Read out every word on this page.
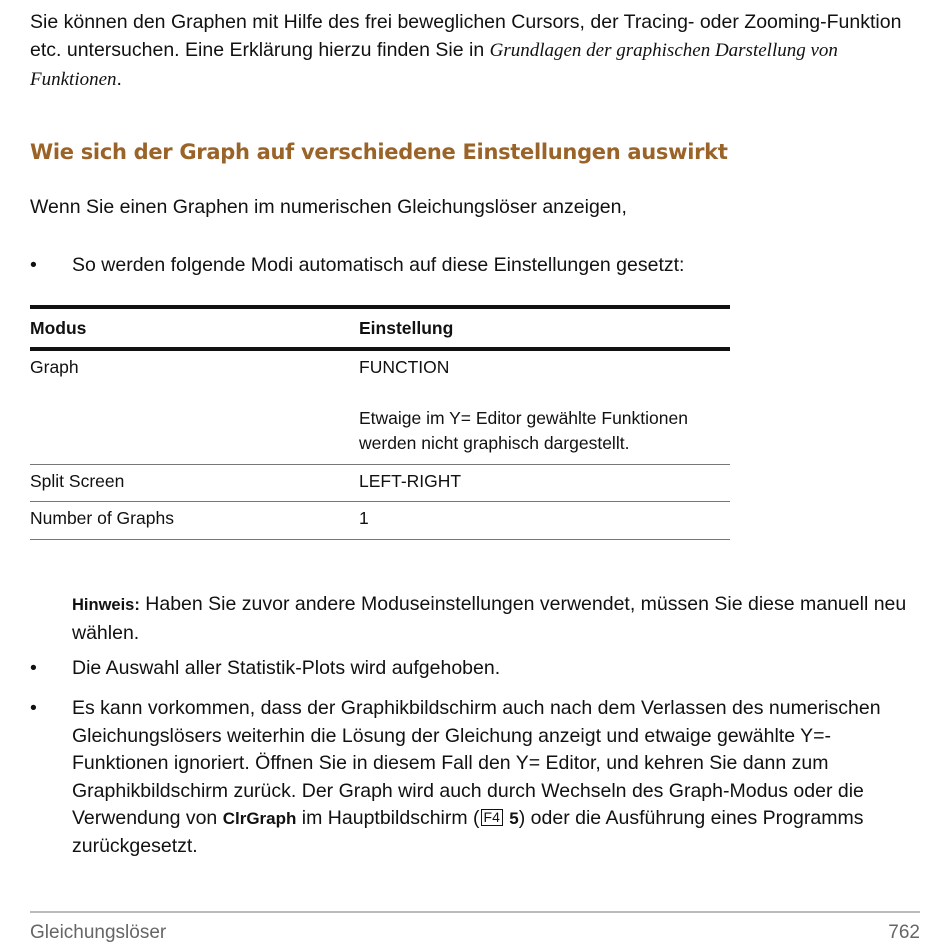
Sie können den Graphen mit Hilfe des frei beweglichen Cursors, der Tracing- oder Zooming-Funktion etc. untersuchen. Eine Erklärung hierzu finden Sie in Grundlagen der graphischen Darstellung von Funktionen.

Wie sich der Graph auf verschiedene Einstellungen auswirkt

Wenn Sie einen Graphen im numerischen Gleichungslöser anzeigen,

• So werden folgende Modi automatisch auf diese Einstellungen gesetzt:
Modus	Einstellung
Graph	FUNCTION
Etwaige im Y= Editor gewählte Funktionen werden nicht graphisch dargestellt.

Split Screen	LEFT-RIGHT
Number of Graphs	1

Hinweis: Haben Sie zuvor andere Moduseinstellungen verwendet, müssen Sie diese manuell neu wählen.

• Die Auswahl aller Statistik-Plots wird aufgehoben.
• Es kann vorkommen, dass der Graphikbildschirm auch nach dem Verlassen des numerischen Gleichungslösers weiterhin die Lösung der Gleichung anzeigt und etwaige gewählte Y=-Funktionen ignoriert. Öffnen Sie in diesem Fall den Y= Editor, und kehren Sie dann zum Graphikbildschirm zurück. Der Graph wird auch durch Wechseln des Graph-Modus oder die Verwendung von ClrGraph im Hauptbildschirm ( F4 5) oder die Ausführung eines Programms zurückgesetzt.
Gleichungslöser	762
